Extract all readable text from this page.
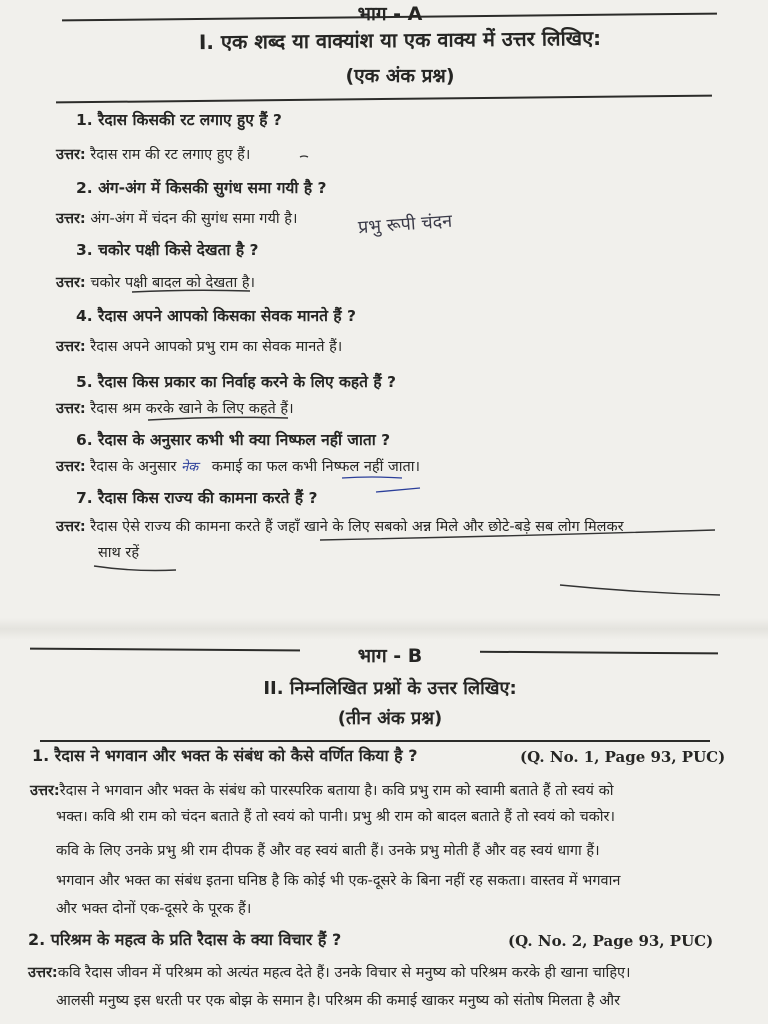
भाग - A
I. एक शब्द या वाक्यांश या एक वाक्य में उत्तर लिखिए:
(एक अंक प्रश्न)
1. रैदास किसकी रट लगाए हुए हैं ?
उत्तर: रैदास राम की रट लगाए हुए हैं।
2. अंग-अंग में किसकी सुगंध समा गयी है ?
उत्तर: अंग-अंग में चंदन की सुगंध समा गयी है।	प्रभु रूपी चंदन
3. चकोर पक्षी किसे देखता है ?
उत्तर: चकोर पक्षी बादल को देखता है।
4. रैदास अपने आपको किसका सेवक मानते हैं ?
उत्तर: रैदास अपने आपको प्रभु राम का सेवक मानते हैं।
5. रैदास किस प्रकार का निर्वाह करने के लिए कहते हैं ?
उत्तर: रैदास श्रम करके खाने के लिए कहते हैं।
6. रैदास के अनुसार कभी भी क्या निष्फल नहीं जाता ?
उत्तर: रैदास के अनुसार नेक कमाई का फल कभी निष्फल नहीं जाता।
7. रैदास किस राज्य की कामना करते हैं ?
उत्तर: रैदास ऐसे राज्य की कामना करते हैं जहाँ खाने के लिए सबको अन्न मिले और छोटे-बड़े सब लोग मिलकर
साथ रहें
भाग - B
II. निम्नलिखित प्रश्नों के उत्तर लिखिए:
(तीन अंक प्रश्न)
1. रैदास ने भगवान और भक्त के संबंध को कैसे वर्णित किया है ?	(Q. No. 1, Page 93, PUC)
उत्तर:रैदास ने भगवान और भक्त के संबंध को पारस्परिक बताया है। कवि प्रभु राम को स्वामी बताते हैं तो स्वयं को
भक्त। कवि श्री राम को चंदन बताते हैं तो स्वयं को पानी। प्रभु श्री राम को बादल बताते हैं तो स्वयं को चकोर।
कवि के लिए उनके प्रभु श्री राम दीपक हैं और वह स्वयं बाती हैं। उनके प्रभु मोती हैं और वह स्वयं धागा हैं।
भगवान और भक्त का संबंध इतना घनिष्ठ है कि कोई भी एक-दूसरे के बिना नहीं रह सकता। वास्तव में भगवान
और भक्त दोनों एक-दूसरे के पूरक हैं।
2. परिश्रम के महत्व के प्रति रैदास के क्या विचार हैं ?	(Q. No. 2, Page 93, PUC)
उत्तर:कवि रैदास जीवन में परिश्रम को अत्यंत महत्व देते हैं। उनके विचार से मनुष्य को परिश्रम करके ही खाना चाहिए।
आलसी मनुष्य इस धरती पर एक बोझ के समान है। परिश्रम की कमाई खाकर मनुष्य को संतोष मिलता है और
